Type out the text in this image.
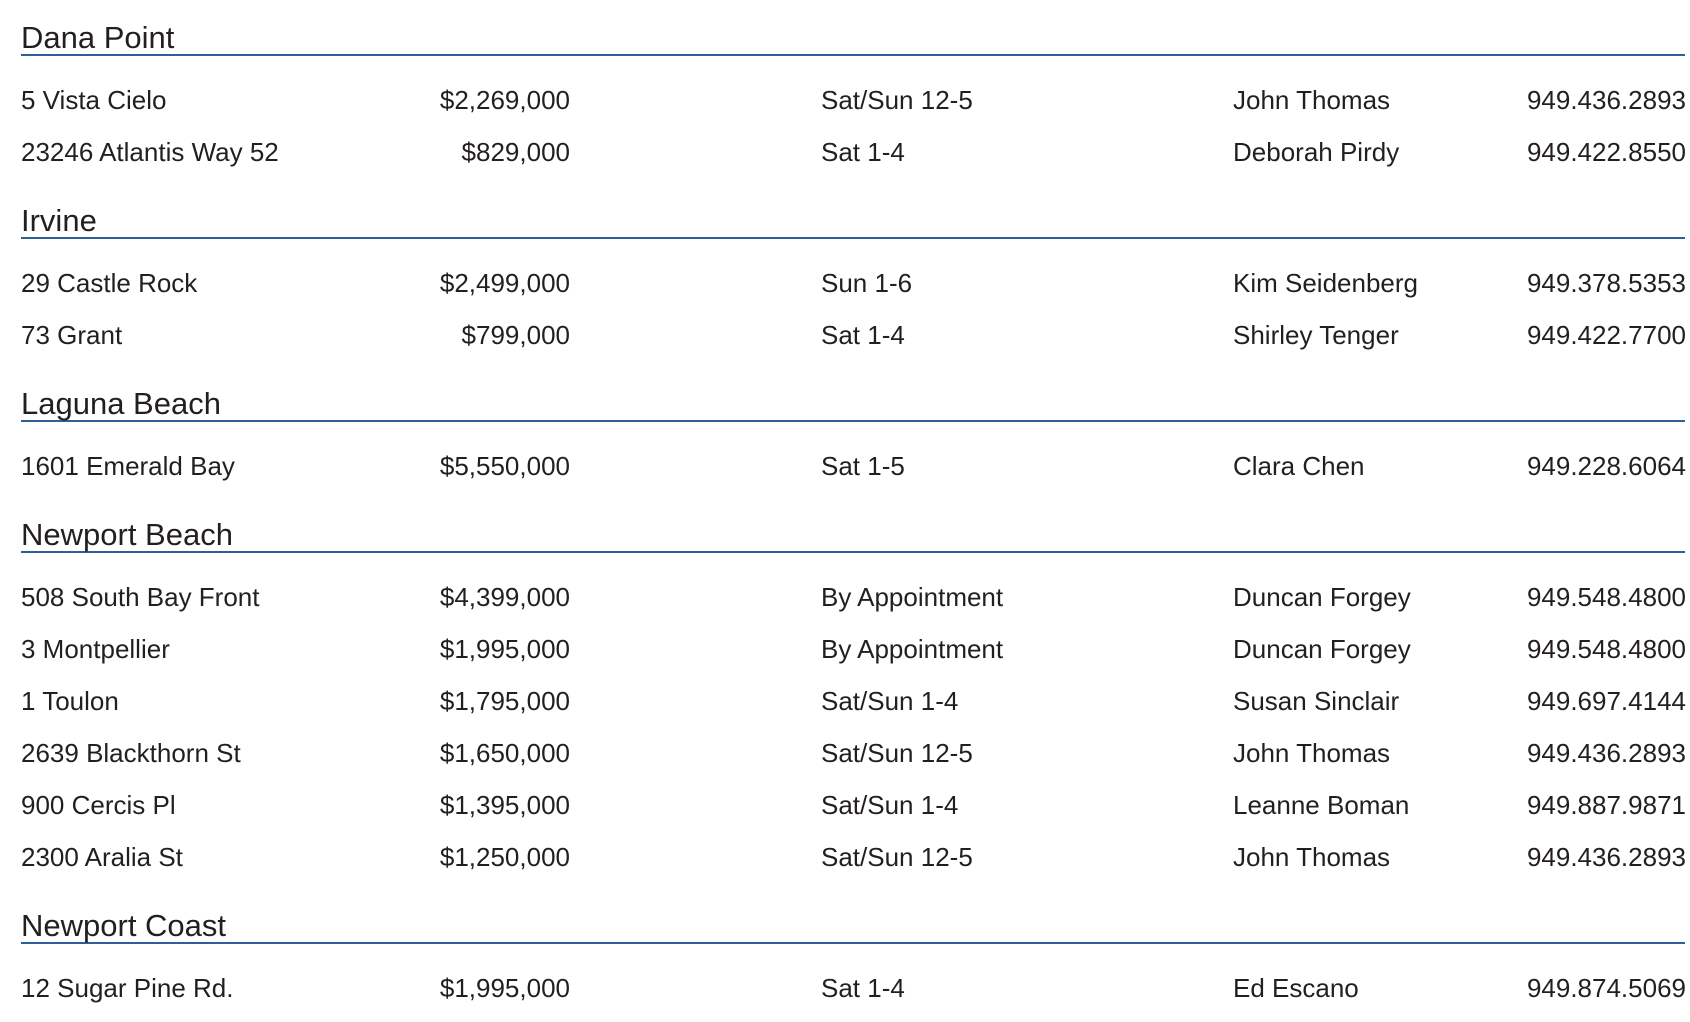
Dana Point
5 Vista Cielo	$2,269,000	Sat/Sun 12-5	John Thomas	949.436.2893
23246 Atlantis Way 52	$829,000	Sat 1-4	Deborah Pirdy	949.422.8550
Irvine
29 Castle Rock	$2,499,000	Sun 1-6	Kim Seidenberg	949.378.5353
73 Grant	$799,000	Sat 1-4	Shirley Tenger	949.422.7700
Laguna Beach
1601 Emerald Bay	$5,550,000	Sat 1-5	Clara Chen	949.228.6064
Newport Beach
508 South Bay Front	$4,399,000	By Appointment	Duncan Forgey	949.548.4800
3 Montpellier	$1,995,000	By Appointment	Duncan Forgey	949.548.4800
1 Toulon	$1,795,000	Sat/Sun 1-4	Susan Sinclair	949.697.4144
2639 Blackthorn St	$1,650,000	Sat/Sun 12-5	John Thomas	949.436.2893
900 Cercis Pl	$1,395,000	Sat/Sun 1-4	Leanne Boman	949.887.9871
2300 Aralia St	$1,250,000	Sat/Sun 12-5	John Thomas	949.436.2893
Newport Coast
12 Sugar Pine Rd.	$1,995,000	Sat 1-4	Ed Escano	949.874.5069
